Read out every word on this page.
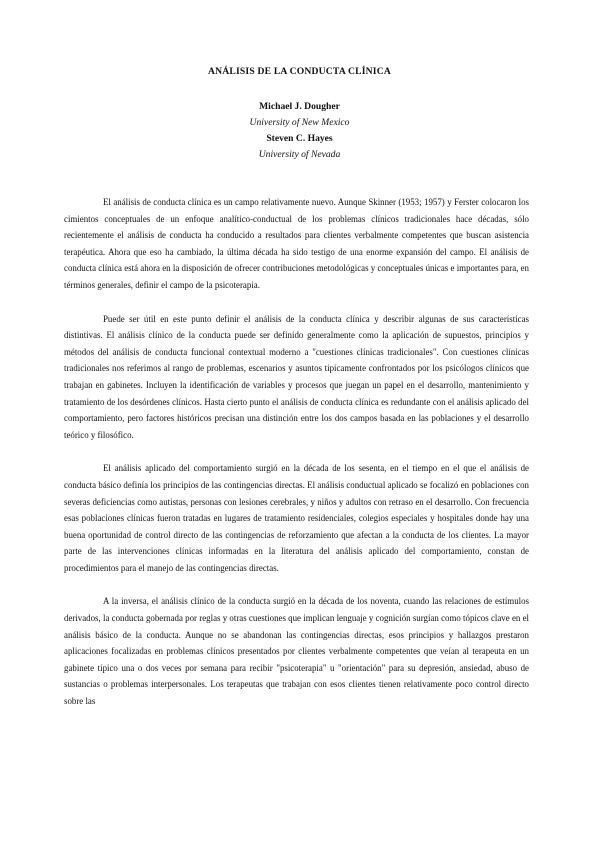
ANÁLISIS DE LA CONDUCTA CLÍNICA
Michael J. Dougher
University of New Mexico
Steven C. Hayes
University of Nevada

El análisis de conducta clínica es un campo relativamente nuevo. Aunque Skinner (1953; 1957) y Ferster colocaron los cimientos conceptuales de un enfoque analítico-conductual de los problemas clínicos tradicionales hace décadas, sólo recientemente el análisis de conducta ha conducido a resultados para clientes verbalmente competentes que buscan asistencia terapéutica. Ahora que eso ha cambiado, la última década ha sido testigo de una enorme expansión del campo. El análisis de conducta clínica está ahora en la disposición de ofrecer contribuciones metodológicas y conceptuales únicas e importantes para, en términos generales, definir el campo de la psicoterapia.

Puede ser útil en este punto definir el análisis de la conducta clínica y describir algunas de sus características distintivas. El análisis clínico de la conducta puede ser definido generalmente como la aplicación de supuestos, principios y métodos del análisis de conducta funcional contextual moderno a "cuestiones clínicas tradicionales". Con cuestiones clínicas tradicionales nos referimos al rango de problemas, escenarios y asuntos típicamente confrontados por los psicólogos clínicos que trabajan en gabinetes. Incluyen la identificación de variables y procesos que juegan un papel en el desarrollo, mantenimiento y tratamiento de los desórdenes clínicos. Hasta cierto punto el análisis de conducta clínica es redundante con el análisis aplicado del comportamiento, pero factores históricos precisan una distinción entre los dos campos basada en las poblaciones y el desarrollo teórico y filosófico.

El análisis aplicado del comportamiento surgió en la década de los sesenta, en el tiempo en el que el análisis de conducta básico definía los principios de las contingencias directas. El análisis conductual aplicado se focalizó en poblaciones con severas deficiencias como autistas, personas con lesiones cerebrales, y niños y adultos con retraso en el desarrollo. Con frecuencia esas poblaciones clínicas fueron tratadas en lugares de tratamiento residenciales, colegios especiales y hospitales donde hay una buena oportunidad de control directo de las contingencias de reforzamiento que afectan a la conducta de los clientes. La mayor parte de las intervenciones clínicas informadas en la literatura del análisis aplicado del comportamiento, constan de procedimientos para el manejo de las contingencias directas.

A la inversa, el análisis clínico de la conducta surgió en la década de los noventa, cuando las relaciones de estímulos derivados, la conducta gobernada por reglas y otras cuestiones que implican lenguaje y cognición surgían como tópicos clave en el análisis básico de la conducta. Aunque no se abandonan las contingencias directas, esos principios y hallazgos prestaron aplicaciones focalizadas en problemas clínicos presentados por clientes verbalmente competentes que veían al terapeuta en un gabinete típico una o dos veces por semana para recibir "psicoterapia" u "orientación" para su depresión, ansiedad, abuso de sustancias o problemas interpersonales. Los terapeutas que trabajan con esos clientes tienen relativamente poco control directo sobre las
